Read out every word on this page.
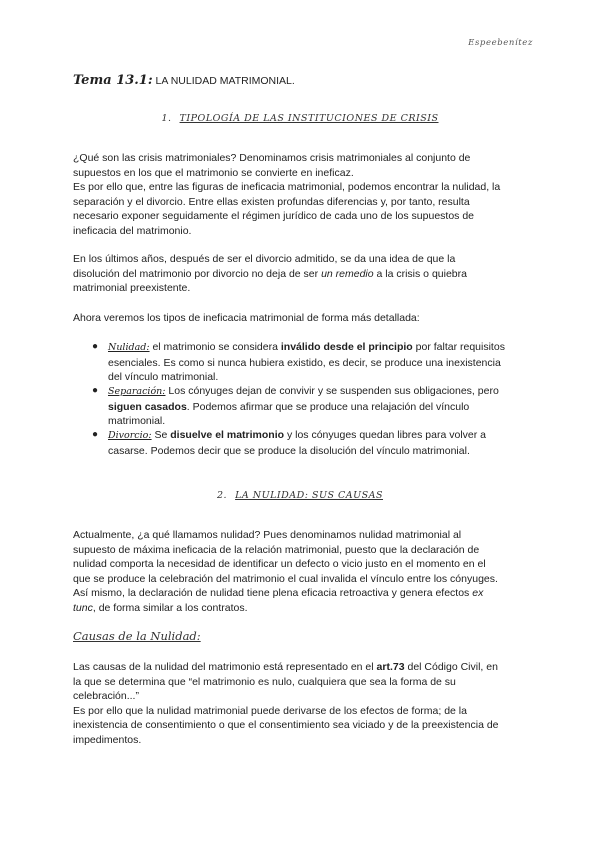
Espeebenítez
Tema 13.1: LA NULIDAD MATRIMONIAL.
1. TIPOLOGÍA DE LAS INSTITUCIONES DE CRISIS
¿Qué son las crisis matrimoniales? Denominamos crisis matrimoniales al conjunto de
supuestos en los que el matrimonio se convierte en ineficaz.
Es por ello que, entre las figuras de ineficacia matrimonial, podemos encontrar la nulidad, la
separación y el divorcio. Entre ellas existen profundas diferencias y, por tanto, resulta
necesario exponer seguidamente el régimen jurídico de cada uno de los supuestos de
ineficacia del matrimonio.
En los últimos años, después de ser el divorcio admitido, se da una idea de que la
disolución del matrimonio por divorcio no deja de ser un remedio a la crisis o quiebra
matrimonial preexistente.
Ahora veremos los tipos de ineficacia matrimonial de forma más detallada:
● Nulidad: el matrimonio se considera inválido desde el principio por faltar requisitos
esenciales. Es como si nunca hubiera existido, es decir, se produce una inexistencia
del vínculo matrimonial.
● Separación: Los cónyuges dejan de convivir y se suspenden sus obligaciones, pero
siguen casados. Podemos afirmar que se produce una relajación del vínculo
matrimonial.
● Divorcio: Se disuelve el matrimonio y los cónyuges quedan libres para volver a
casarse. Podemos decir que se produce la disolución del vínculo matrimonial.
2. LA NULIDAD: SUS CAUSAS
Actualmente, ¿a qué llamamos nulidad? Pues denominamos nulidad matrimonial al
supuesto de máxima ineficacia de la relación matrimonial, puesto que la declaración de
nulidad comporta la necesidad de identificar un defecto o vicio justo en el momento en el
que se produce la celebración del matrimonio el cual invalida el vínculo entre los cónyuges.
Así mismo, la declaración de nulidad tiene plena eficacia retroactiva y genera efectos ex
tunc, de forma similar a los contratos.
Causas de la Nulidad:
Las causas de la nulidad del matrimonio está representado en el art.73 del Código Civil, en
la que se determina que “el matrimonio es nulo, cualquiera que sea la forma de su
celebración...”
Es por ello que la nulidad matrimonial puede derivarse de los efectos de forma; de la
inexistencia de consentimiento o que el consentimiento sea viciado y de la preexistencia de
impedimentos.
